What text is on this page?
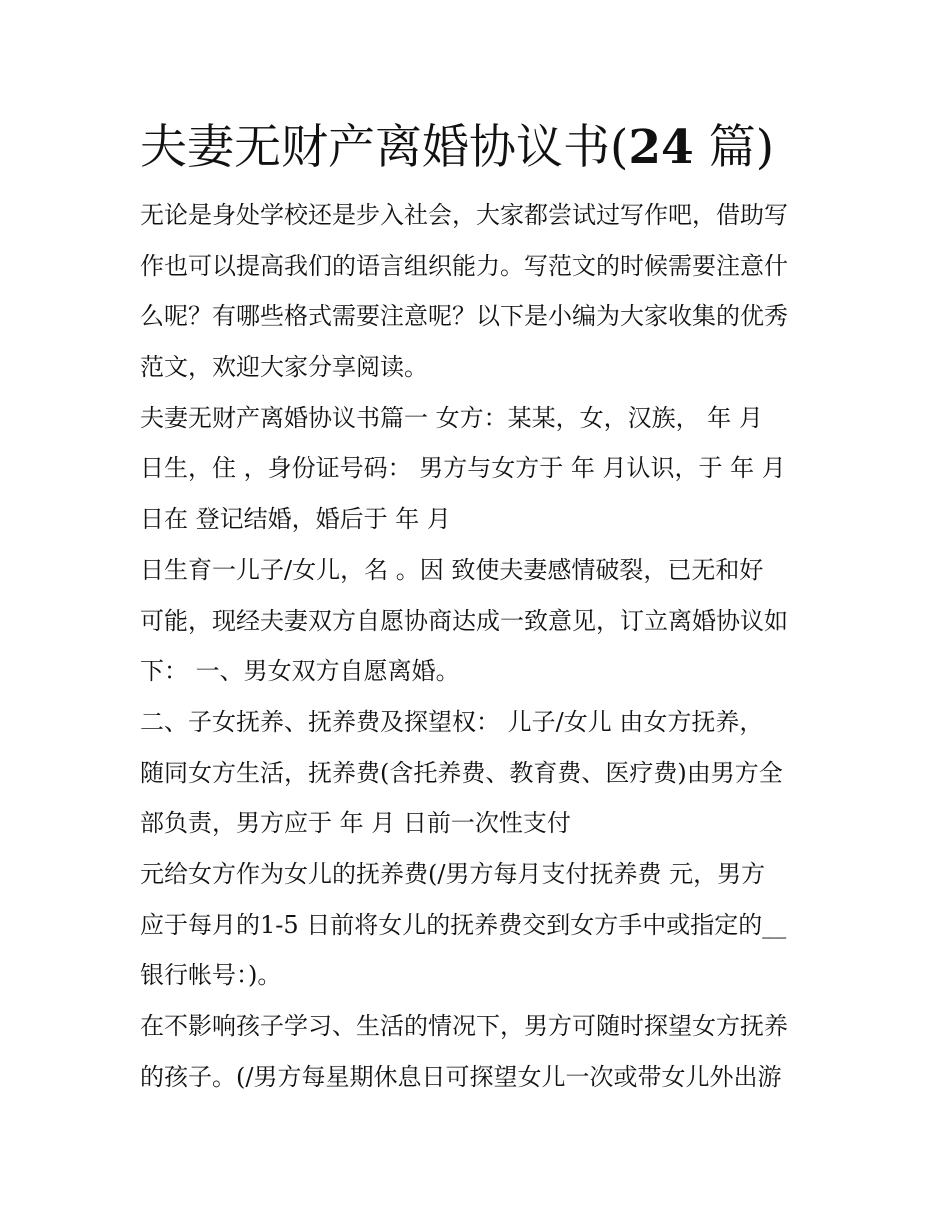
夫妻无财产离婚协议书(24 篇)
无论是身处学校还是步入社会，大家都尝试过写作吧，借助写
作也可以提高我们的语言组织能力。写范文的时候需要注意什
么呢？有哪些格式需要注意呢？以下是小编为大家收集的优秀
范文，欢迎大家分享阅读。
夫妻无财产离婚协议书篇一 女方：某某，女，汉族， 年 月
日生，住 ，身份证号码： 男方与女方于 年 月认识，于 年 月
日在 登记结婚，婚后于 年 月
日生育一儿子/女儿，名 。因 致使夫妻感情破裂，已无和好
可能，现经夫妻双方自愿协商达成一致意见，订立离婚协议如
下： 一、男女双方自愿离婚。
二、子女抚养、抚养费及探望权： 儿子/女儿 由女方抚养，
随同女方生活，抚养费(含托养费、教育费、医疗费)由男方全
部负责，男方应于 年 月 日前一次性支付
元给女方作为女儿的抚养费(/男方每月支付抚养费 元，男方
应于每月的1-5 日前将女儿的抚养费交到女方手中或指定的__
银行帐号：)。
在不影响孩子学习、生活的情况下，男方可随时探望女方抚养
的孩子。(/男方每星期休息日可探望女儿一次或带女儿外出游
